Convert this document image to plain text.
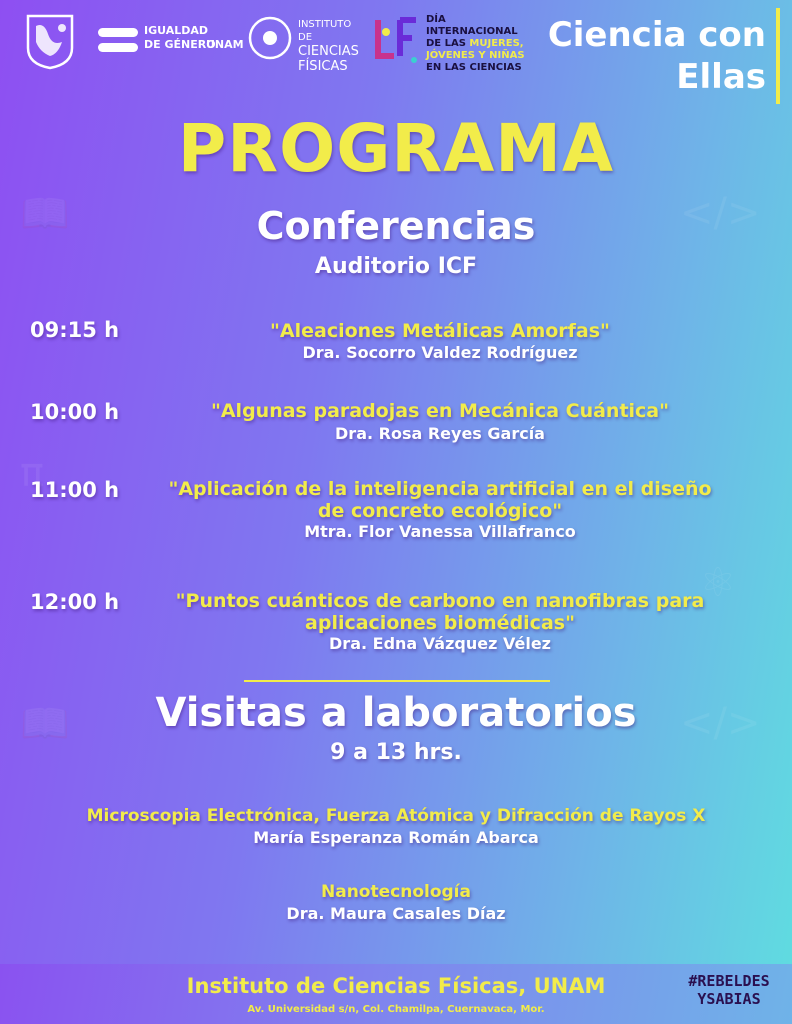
📖	</>
π
⚛
📖	</>
IGUALDAD
DE GÉNERO
UNAM
INSTITUTO DE
CIENCIAS
FÍSICAS
DÍA INTERNACIONAL
DE LAS MUJERES,
JÓVENES Y NIÑAS
EN LAS CIENCIAS
Ciencia con
Ellas
PROGRAMA
Conferencias
Auditorio ICF
09:15 h	"Aleaciones Metálicas Amorfas"
Dra. Socorro Valdez Rodríguez
10:00 h	"Algunas paradojas en Mecánica Cuántica"
Dra. Rosa Reyes García
11:00 h	"Aplicación de la inteligencia artificial en el diseño
de concreto ecológico"
Mtra. Flor Vanessa Villafranco
12:00 h	"Puntos cuánticos de carbono en nanofibras para
aplicaciones biomédicas"
Dra. Edna Vázquez Vélez
Visitas a laboratorios
9 a 13 hrs.
Microscopia Electrónica, Fuerza Atómica y Difracción de Rayos X
María Esperanza Román Abarca
Nanotecnología
Dra. Maura Casales Díaz
Instituto de Ciencias Físicas, UNAM
Av. Universidad s/n, Col. Chamilpa, Cuernavaca, Mor.
#REBELDES
YSABIAS
